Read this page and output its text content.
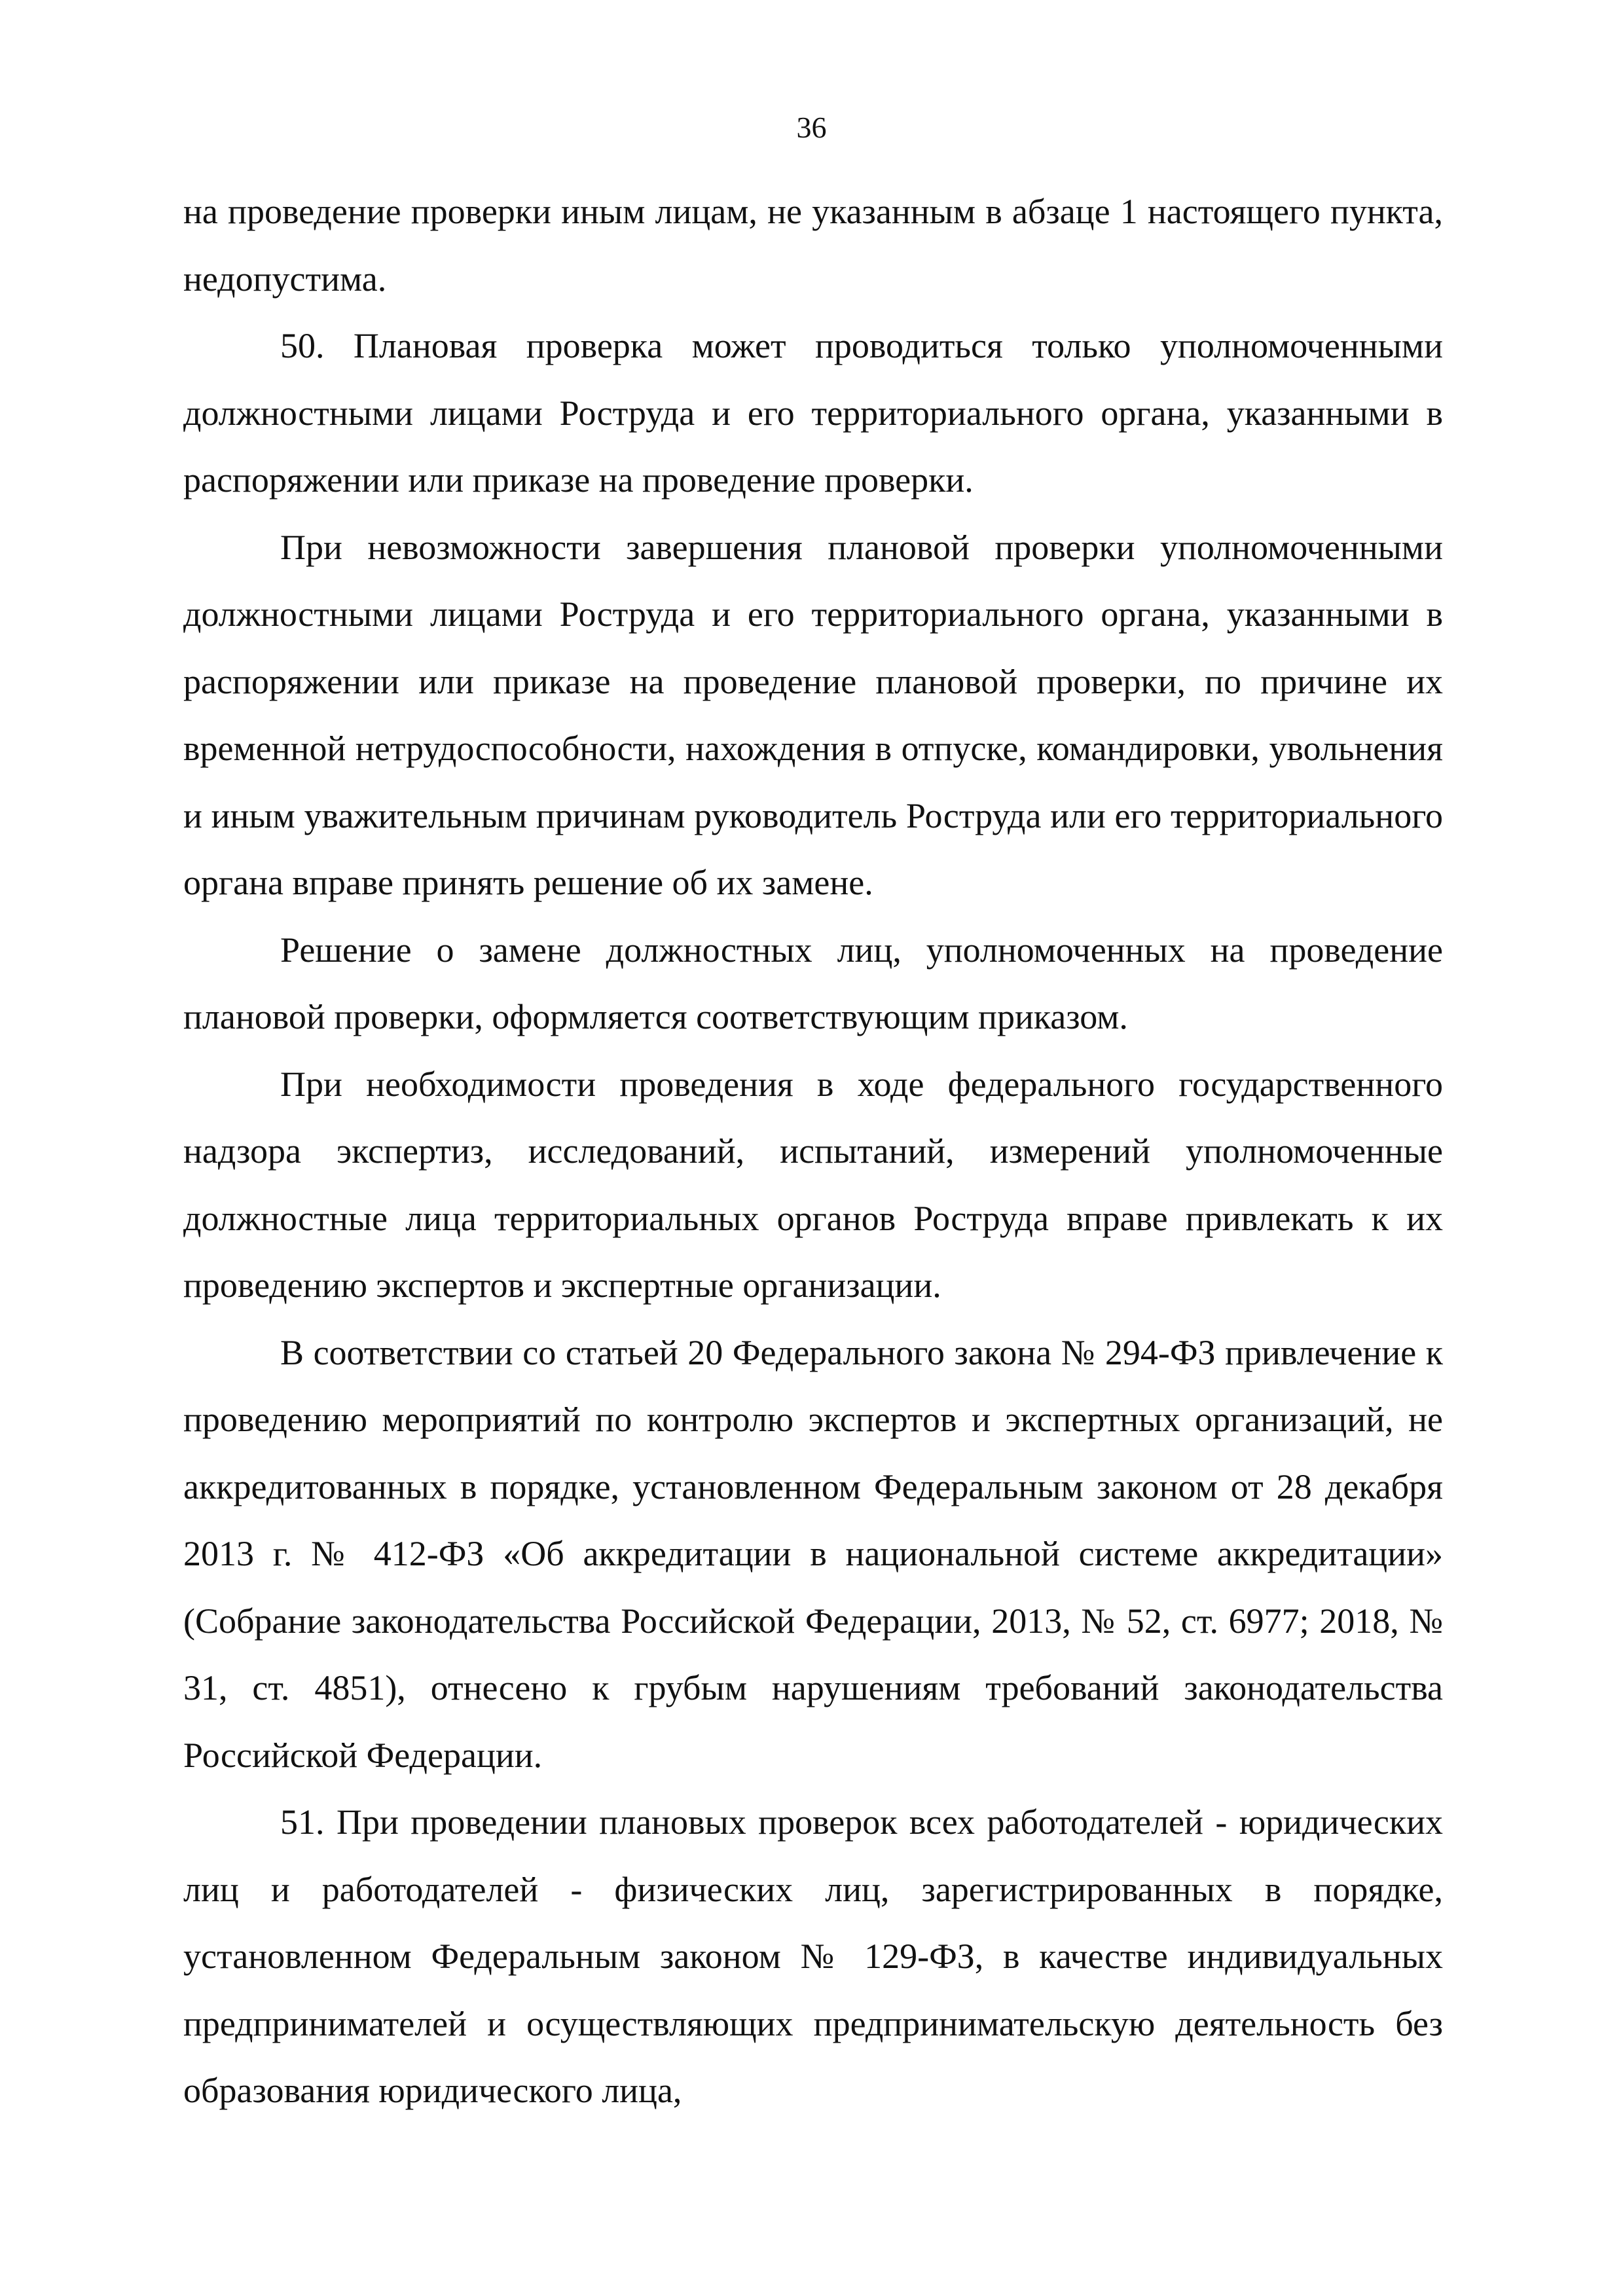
36

на проведение проверки иным лицам, не указанным в абзаце 1 настоящего пункта, недопустима.

50. Плановая проверка может проводиться только уполномоченными должностными лицами Роструда и его территориального органа, указанными в распоряжении или приказе на проведение проверки.

При невозможности завершения плановой проверки уполномоченными должностными лицами Роструда и его территориального органа, указанными в распоряжении или приказе на проведение плановой проверки, по причине их временной нетрудоспособности, нахождения в отпуске, командировки, увольнения и иным уважительным причинам руководитель Роструда или его территориального органа вправе принять решение об их замене.

Решение о замене должностных лиц, уполномоченных на проведение плановой проверки, оформляется соответствующим приказом.

При необходимости проведения в ходе федерального государственного надзора экспертиз, исследований, испытаний, измерений уполномоченные должностные лица территориальных органов Роструда вправе привлекать к их проведению экспертов и экспертные организации.

В соответствии со статьей 20 Федерального закона № 294-ФЗ привлечение к проведению мероприятий по контролю экспертов и экспертных организаций, не аккредитованных в порядке, установленном Федеральным законом от 28 декабря 2013 г. № 412-ФЗ «Об аккредитации в национальной системе аккредитации» (Собрание законодательства Российской Федерации, 2013, № 52, ст. 6977; 2018, № 31, ст. 4851), отнесено к грубым нарушениям требований законодательства Российской Федерации.

51. При проведении плановых проверок всех работодателей - юридических лиц и работодателей - физических лиц, зарегистрированных в порядке, установленном Федеральным законом № 129-ФЗ, в качестве индивидуальных предпринимателей и осуществляющих предпринимательскую деятельность без образования юридического лица,
